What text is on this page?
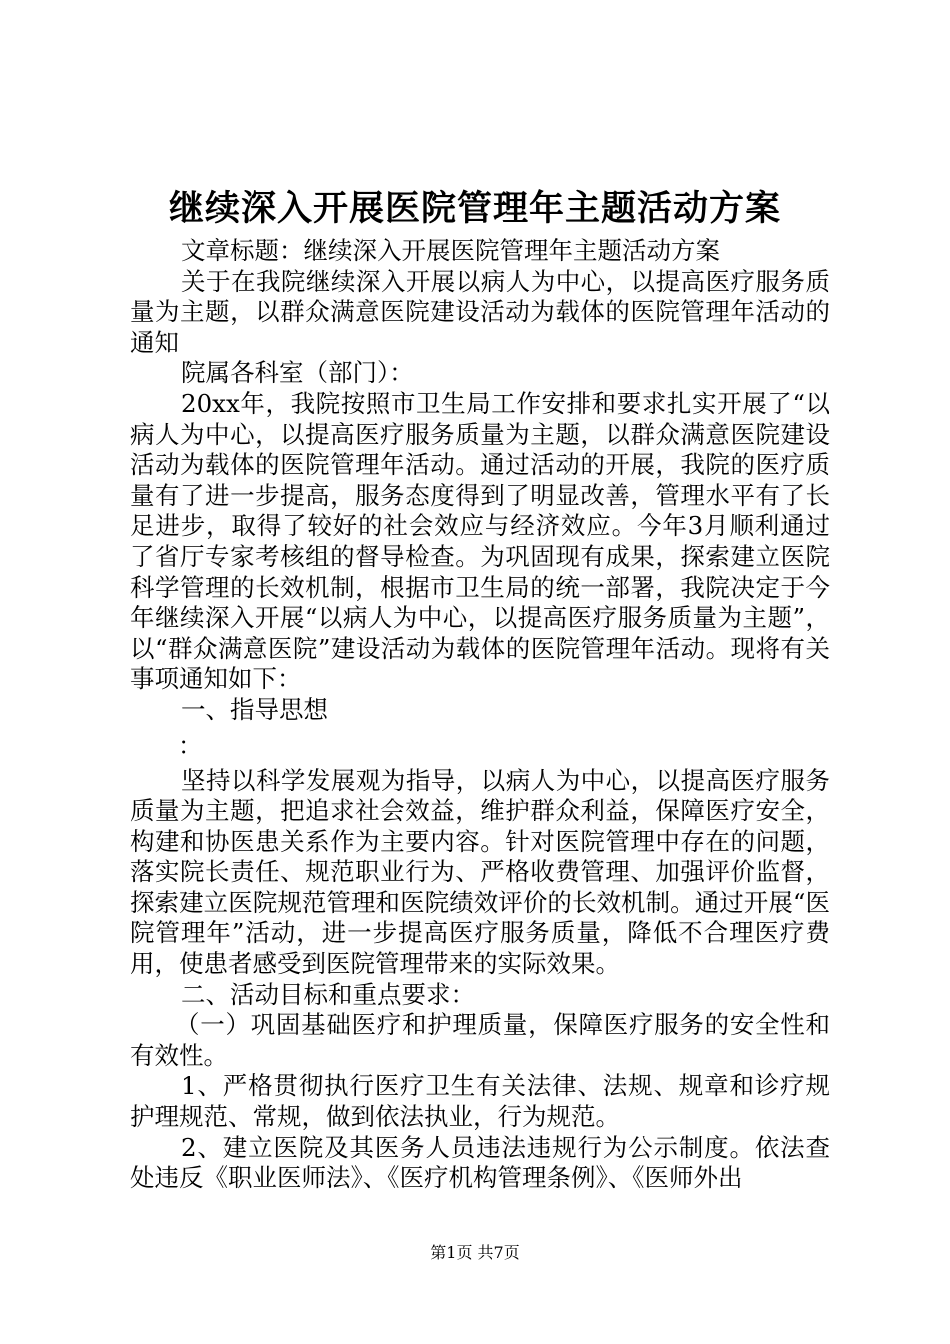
继续深入开展医院管理年主题活动方案

文章标题：继续深入开展医院管理年主题活动方案

关于在我院继续深入开展以病人为中心，以提高医疗服务质量为主题，以群众满意医院建设活动为载体的医院管理年活动的通知

院属各科室（部门）：

20xx年，我院按照市卫生局工作安排和要求扎实开展了“以病人为中心，以提高医疗服务质量为主题，以群众满意医院建设活动为载体的医院管理年活动。通过活动的开展，我院的医疗质量有了进一步提高，服务态度得到了明显改善，管理水平有了长足进步，取得了较好的社会效应与经济效应。今年3月顺利通过了省厅专家考核组的督导检查。为巩固现有成果，探索建立医院科学管理的长效机制，根据市卫生局的统一部署，我院决定于今年继续深入开展“以病人为中心，以提高医疗服务质量为主题”，以“群众满意医院”建设活动为载体的医院管理年活动。现将有关事项通知如下：

一、指导思想

：

坚持以科学发展观为指导，以病人为中心，以提高医疗服务质量为主题，把追求社会效益，维护群众利益，保障医疗安全，构建和协医患关系作为主要内容。针对医院管理中存在的问题，落实院长责任、规范职业行为、严格收费管理、加强评价监督，探索建立医院规范管理和医院绩效评价的长效机制。通过开展“医院管理年”活动，进一步提高医疗服务质量，降低不合理医疗费用，使患者感受到医院管理带来的实际效果。

二、活动目标和重点要求：

（一）巩固基础医疗和护理质量，保障医疗服务的安全性和有效性。

1、严格贯彻执行医疗卫生有关法律、法规、规章和诊疗规护理规范、常规，做到依法执业，行为规范。

2、建立医院及其医务人员违法违规行为公示制度。依法查处违反《职业医师法》、《医疗机构管理条例》、《医师外出

第1页 共7页
